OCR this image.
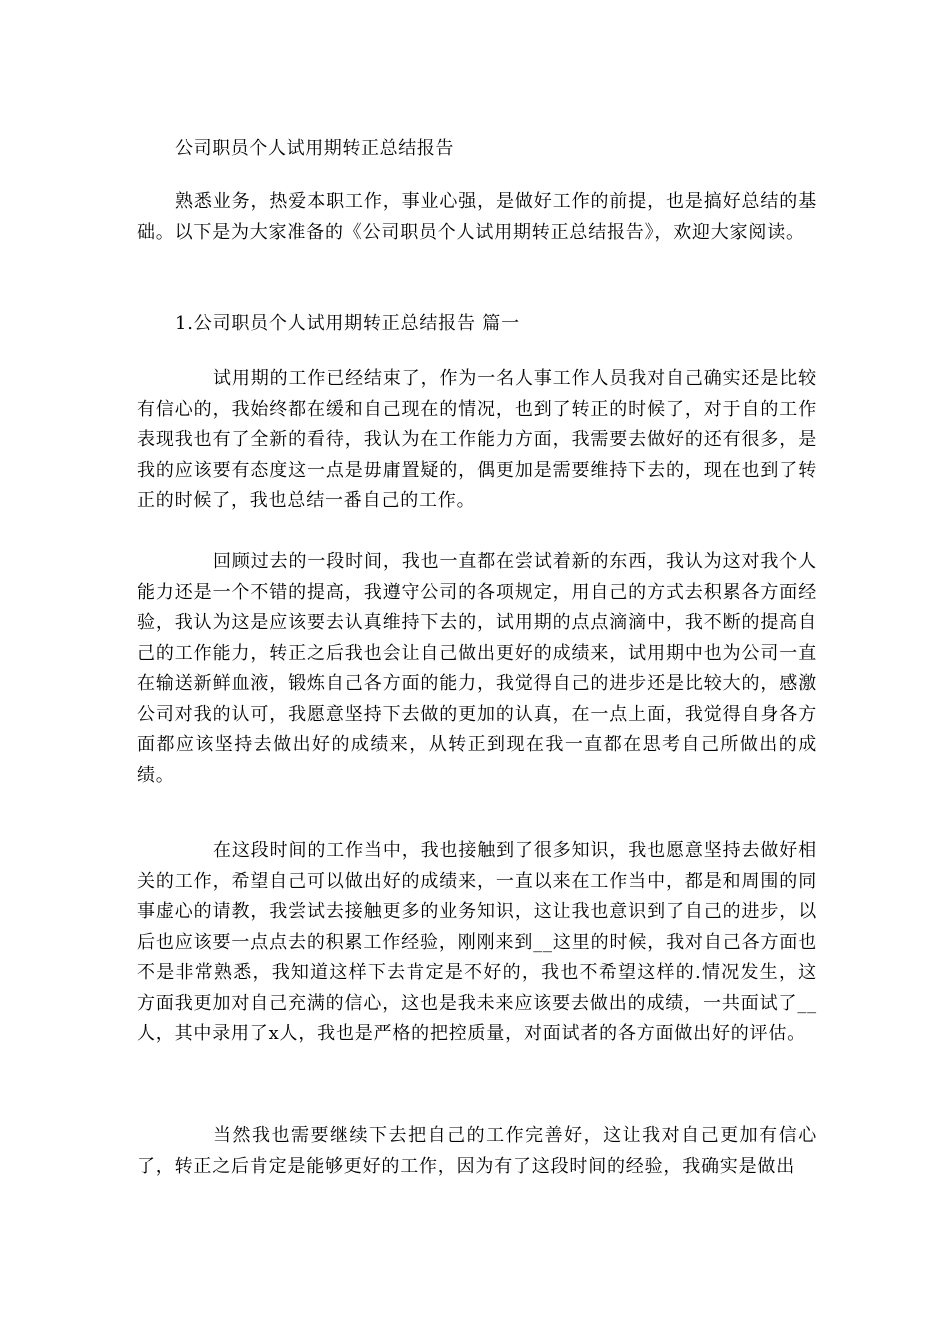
公司职员个人试用期转正总结报告

熟悉业务，热爱本职工作，事业心强，是做好工作的前提，也是搞好总结的基础。以下是为大家准备的《公司职员个人试用期转正总结报告》，欢迎大家阅读。

1.公司职员个人试用期转正总结报告 篇一

试用期的工作已经结束了，作为一名人事工作人员我对自己确实还是比较有信心的，我始终都在缓和自己现在的情况，也到了转正的时候了，对于自的工作表现我也有了全新的看待，我认为在工作能力方面，我需要去做好的还有很多，是我的应该要有态度这一点是毋庸置疑的，偶更加是需要维持下去的，现在也到了转正的时候了，我也总结一番自己的工作。

回顾过去的一段时间，我也一直都在尝试着新的东西，我认为这对我个人能力还是一个不错的提高，我遵守公司的各项规定，用自己的方式去积累各方面经验，我认为这是应该要去认真维持下去的，试用期的点点滴滴中，我不断的提高自己的工作能力，转正之后我也会让自己做出更好的成绩来，试用期中也为公司一直在输送新鲜血液，锻炼自己各方面的能力，我觉得自己的进步还是比较大的，感激公司对我的认可，我愿意坚持下去做的更加的认真，在一点上面，我觉得自身各方面都应该坚持去做出好的成绩来，从转正到现在我一直都在思考自己所做出的成绩。

在这段时间的工作当中，我也接触到了很多知识，我也愿意坚持去做好相关的工作，希望自己可以做出好的成绩来，一直以来在工作当中，都是和周围的同事虚心的请教，我尝试去接触更多的业务知识，这让我也意识到了自己的进步，以后也应该要一点点去的积累工作经验，刚刚来到__这里的时候，我对自己各方面也不是非常熟悉，我知道这样下去肯定是不好的，我也不希望这样的.情况发生，这方面我更加对自己充满的信心，这也是我未来应该要去做出的成绩，一共面试了__人，其中录用了x人，我也是严格的把控质量，对面试者的各方面做出好的评估。

当然我也需要继续下去把自己的工作完善好，这让我对自己更加有信心了，转正之后肯定是能够更好的工作，因为有了这段时间的经验，我确实是做出
